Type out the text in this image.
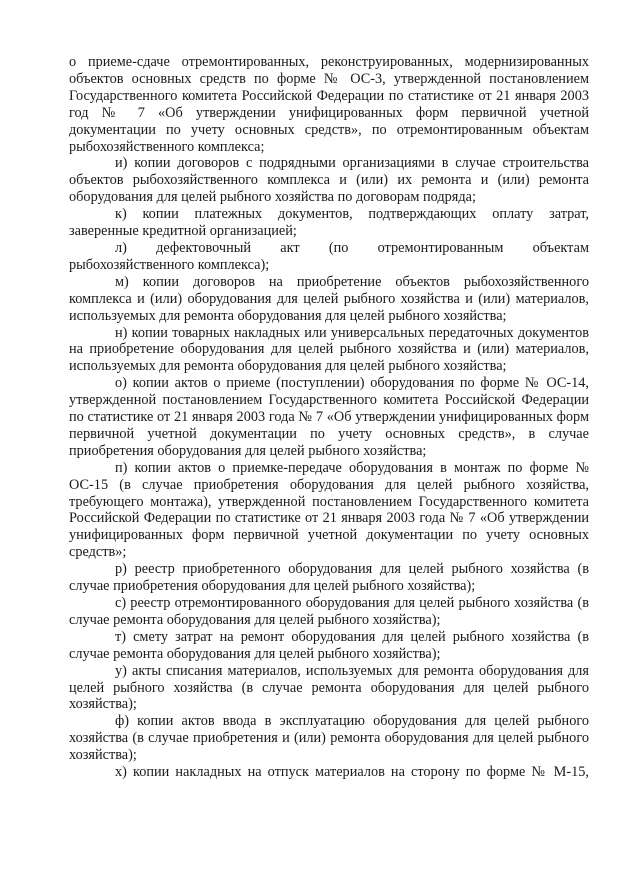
о приеме-сдаче отремонтированных, реконструированных, модернизированных объектов основных средств по форме № ОС-3, утвержденной постановлением Государственного комитета Российской Федерации по статистике от 21 января 2003 год № 7 «Об утверждении унифицированных форм первичной учетной документации по учету основных средств», по отремонтированным объектам рыбохозяйственного комплекса;

и) копии договоров с подрядными организациями в случае строительства объектов рыбохозяйственного комплекса и (или) их ремонта и (или) ремонта оборудования для целей рыбного хозяйства по договорам подряда;

к) копии платежных документов, подтверждающих оплату затрат, заверенные кредитной организацией;

л) дефектовочный акт (по отремонтированным объектам рыбохозяйственного комплекса);

м) копии договоров на приобретение объектов рыбохозяйственного комплекса и (или) оборудования для целей рыбного хозяйства и (или) материалов, используемых для ремонта оборудования для целей рыбного хозяйства;

н) копии товарных накладных или универсальных передаточных документов на приобретение оборудования для целей рыбного хозяйства и (или) материалов, используемых для ремонта оборудования для целей рыбного хозяйства;

о) копии актов о приеме (поступлении) оборудования по форме № ОС-14, утвержденной постановлением Государственного комитета Российской Федерации по статистике от 21 января 2003 года № 7 «Об утверждении унифицированных форм первичной учетной документации по учету основных средств», в случае приобретения оборудования для целей рыбного хозяйства;

п) копии актов о приемке-передаче оборудования в монтаж по форме № ОС-15 (в случае приобретения оборудования для целей рыбного хозяйства, требующего монтажа), утвержденной постановлением Государственного комитета Российской Федерации по статистике от 21 января 2003 года № 7 «Об утверждении унифицированных форм первичной учетной документации по учету основных средств»;

р) реестр приобретенного оборудования для целей рыбного хозяйства (в случае приобретения оборудования для целей рыбного хозяйства);

с) реестр отремонтированного оборудования для целей рыбного хозяйства (в случае ремонта оборудования для целей рыбного хозяйства);

т) смету затрат на ремонт оборудования для целей рыбного хозяйства (в случае ремонта оборудования для целей рыбного хозяйства);

у) акты списания материалов, используемых для ремонта оборудования для целей рыбного хозяйства (в случае ремонта оборудования для целей рыбного хозяйства);

ф) копии актов ввода в эксплуатацию оборудования для целей рыбного хозяйства (в случае приобретения и (или) ремонта оборудования для целей рыбного хозяйства);

х) копии накладных на отпуск материалов на сторону по форме № М-15,
